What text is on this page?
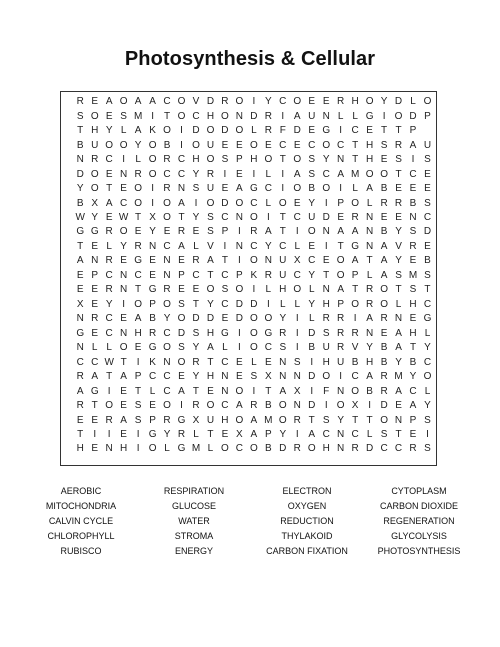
Photosynthesis & Cellular
R E A O A A C O V D R O I Y C O E E R H O Y D L O
S O E S M I T O C H O N D R I A U N L L G I O D P
T H Y L A K O I D O D O L R F D E G I C E T T P
B U O O Y O B I O U E E O E C E C O C T H S R A U
N R C I L O R C H O S P H O T O S Y N T H E S I S
D O E N R O C C Y R I E I L I A S C A M O O T C E
Y O T E O I R N S U E A G C I O B O I L A B E E E
B X A C O I O A I O D O C L O E Y I P O L R R B S
W Y E W T X O T Y S C N O I T C U D E R N E E N C
G G R O E Y E R E S P I R A T I O N A A N B Y S D
T E L Y R N C A L V I N C Y C L E I T G N A V R E
A N R E G E N E R A T I O N U X C E O A T A Y E B
E P C N C E N P C T C P K R U C Y T O P L A S M S
E E R N T G R E E O S O I L H O L N A T R O T S T
X E Y I O P O S T Y C D D I L L Y H P O R O L H C
N R C E A B Y O D D E D O O Y I L R R I A R N E G
G E C N H R C D S H G I O G R I D S R R N E A H L
N L L O E G O S Y A L I O C S I B U R V Y B A T Y
C C W T I K N O R T C E L E N S I H U B H B Y B C
R A T A P C C E Y H N E S X N N D O I C A R M Y O
A G I E T L C A T E N O I T A X I F N O B R A C L
R T O E S E O I R O C A R B O N D I O X I D E A Y
E E R A S P R G X U H O A M O R T S Y T T O N P S
T I I E I G Y R L T E X A P Y I A C N C L S T E I
H E N H I O L G M L O C O B D R O H N R D C C R S
AEROBIC
MITOCHONDRIA
CALVIN CYCLE
CHLOROPHYLL
RUBISCO
RESPIRATION
GLUCOSE
WATER
STROMA
ENERGY
ELECTRON
OXYGEN
REDUCTION
THYLAKOID
CARBON FIXATION
CYTOPLASM
CARBON DIOXIDE
REGENERATION
GLYCOLYSIS
PHOTOSYNTHESIS
